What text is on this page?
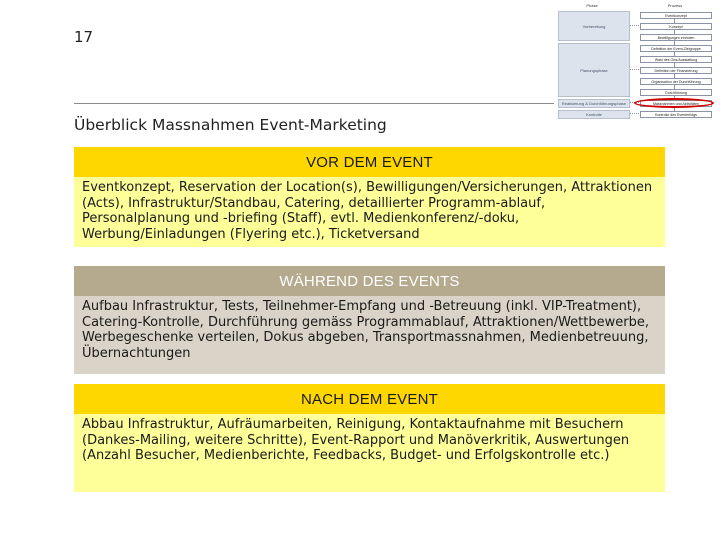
17
Phase	Prozess
Vorbereitung
Planungsphase
Realisierung & Durchführungsphase
Kontrolle
Eventkonzept
Konzept
Bewilligungen einholen
Definition der Event-Zielgruppe
Wahl des Orts/Ausstattung
Definition der Finanzierung
Organisation der Durchführung
Durchführung
Massnahmen und Aktivitäten
Kontrolle des Eventerfolgs
Überblick Massnahmen Event-Marketing
VOR DEM EVENT
Eventkonzept, Reservation der Location(s), Bewilligungen/Versicherungen, Attraktionen (Acts), Infrastruktur/Standbau, Catering, detaillierter Programm-ablauf, Personalplanung und -briefing (Staff), evtl. Medienkonferenz/-doku, Werbung/Einladungen (Flyering etc.), Ticketversand
WÄHREND DES EVENTS
Aufbau Infrastruktur, Tests, Teilnehmer-Empfang und -Betreuung (inkl. VIP-Treatment), Catering-Kontrolle, Durchführung gemäss Programmablauf, Attraktionen/Wettbewerbe, Werbegeschenke verteilen, Dokus abgeben, Transportmassnahmen, Medienbetreuung, Übernachtungen
NACH DEM EVENT
Abbau Infrastruktur, Aufräumarbeiten, Reinigung, Kontaktaufnahme mit Besuchern (Dankes-Mailing, weitere Schritte), Event-Rapport und Manöverkritik, Auswertungen (Anzahl Besucher, Medienberichte, Feedbacks, Budget- und Erfolgskontrolle etc.)
